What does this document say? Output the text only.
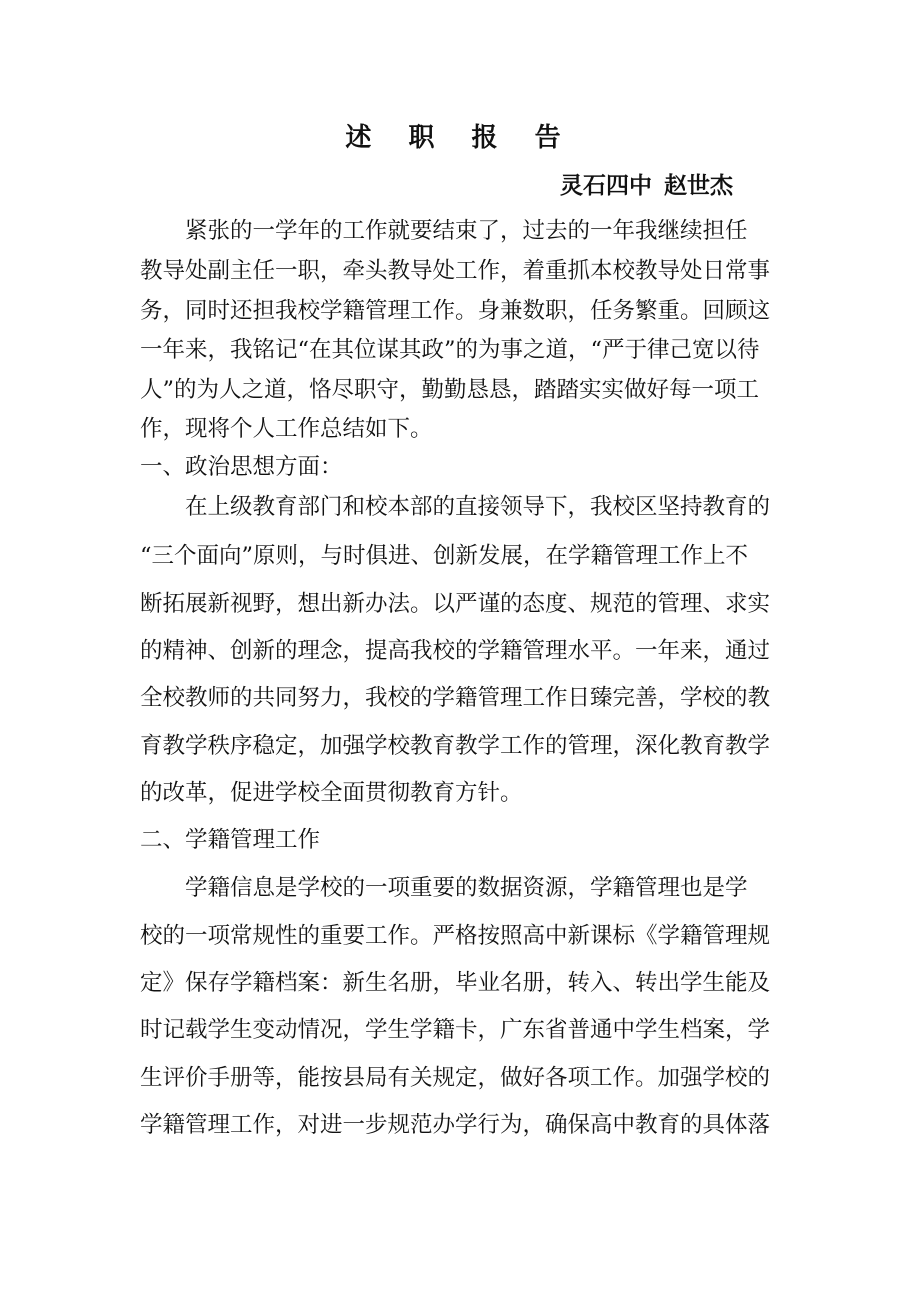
述 职 报 告
灵石四中 赵世杰
　　紧张的一学年的工作就要结束了，过去的一年我继续担任
教导处副主任一职，牵头教导处工作，着重抓本校教导处日常事
务，同时还担我校学籍管理工作。身兼数职，任务繁重。回顾这
一年来，我铭记“在其位谋其政”的为事之道，“严于律己宽以待
人”的为人之道，恪尽职守，勤勤恳恳，踏踏实实做好每一项工
作，现将个人工作总结如下。
一、政治思想方面：
　　在上级教育部门和校本部的直接领导下，我校区坚持教育的
“三个面向”原则，与时俱进、创新发展，在学籍管理工作上不
断拓展新视野，想出新办法。以严谨的态度、规范的管理、求实
的精神、创新的理念，提高我校的学籍管理水平。一年来，通过
全校教师的共同努力，我校的学籍管理工作日臻完善，学校的教
育教学秩序稳定，加强学校教育教学工作的管理，深化教育教学
的改革，促进学校全面贯彻教育方针。
二、学籍管理工作
　　学籍信息是学校的一项重要的数据资源，学籍管理也是学
校的一项常规性的重要工作。严格按照高中新课标《学籍管理规
定》保存学籍档案：新生名册，毕业名册，转入、转出学生能及
时记载学生变动情况，学生学籍卡，广东省普通中学生档案，学
生评价手册等，能按县局有关规定，做好各项工作。加强学校的
学籍管理工作，对进一步规范办学行为，确保高中教育的具体落
